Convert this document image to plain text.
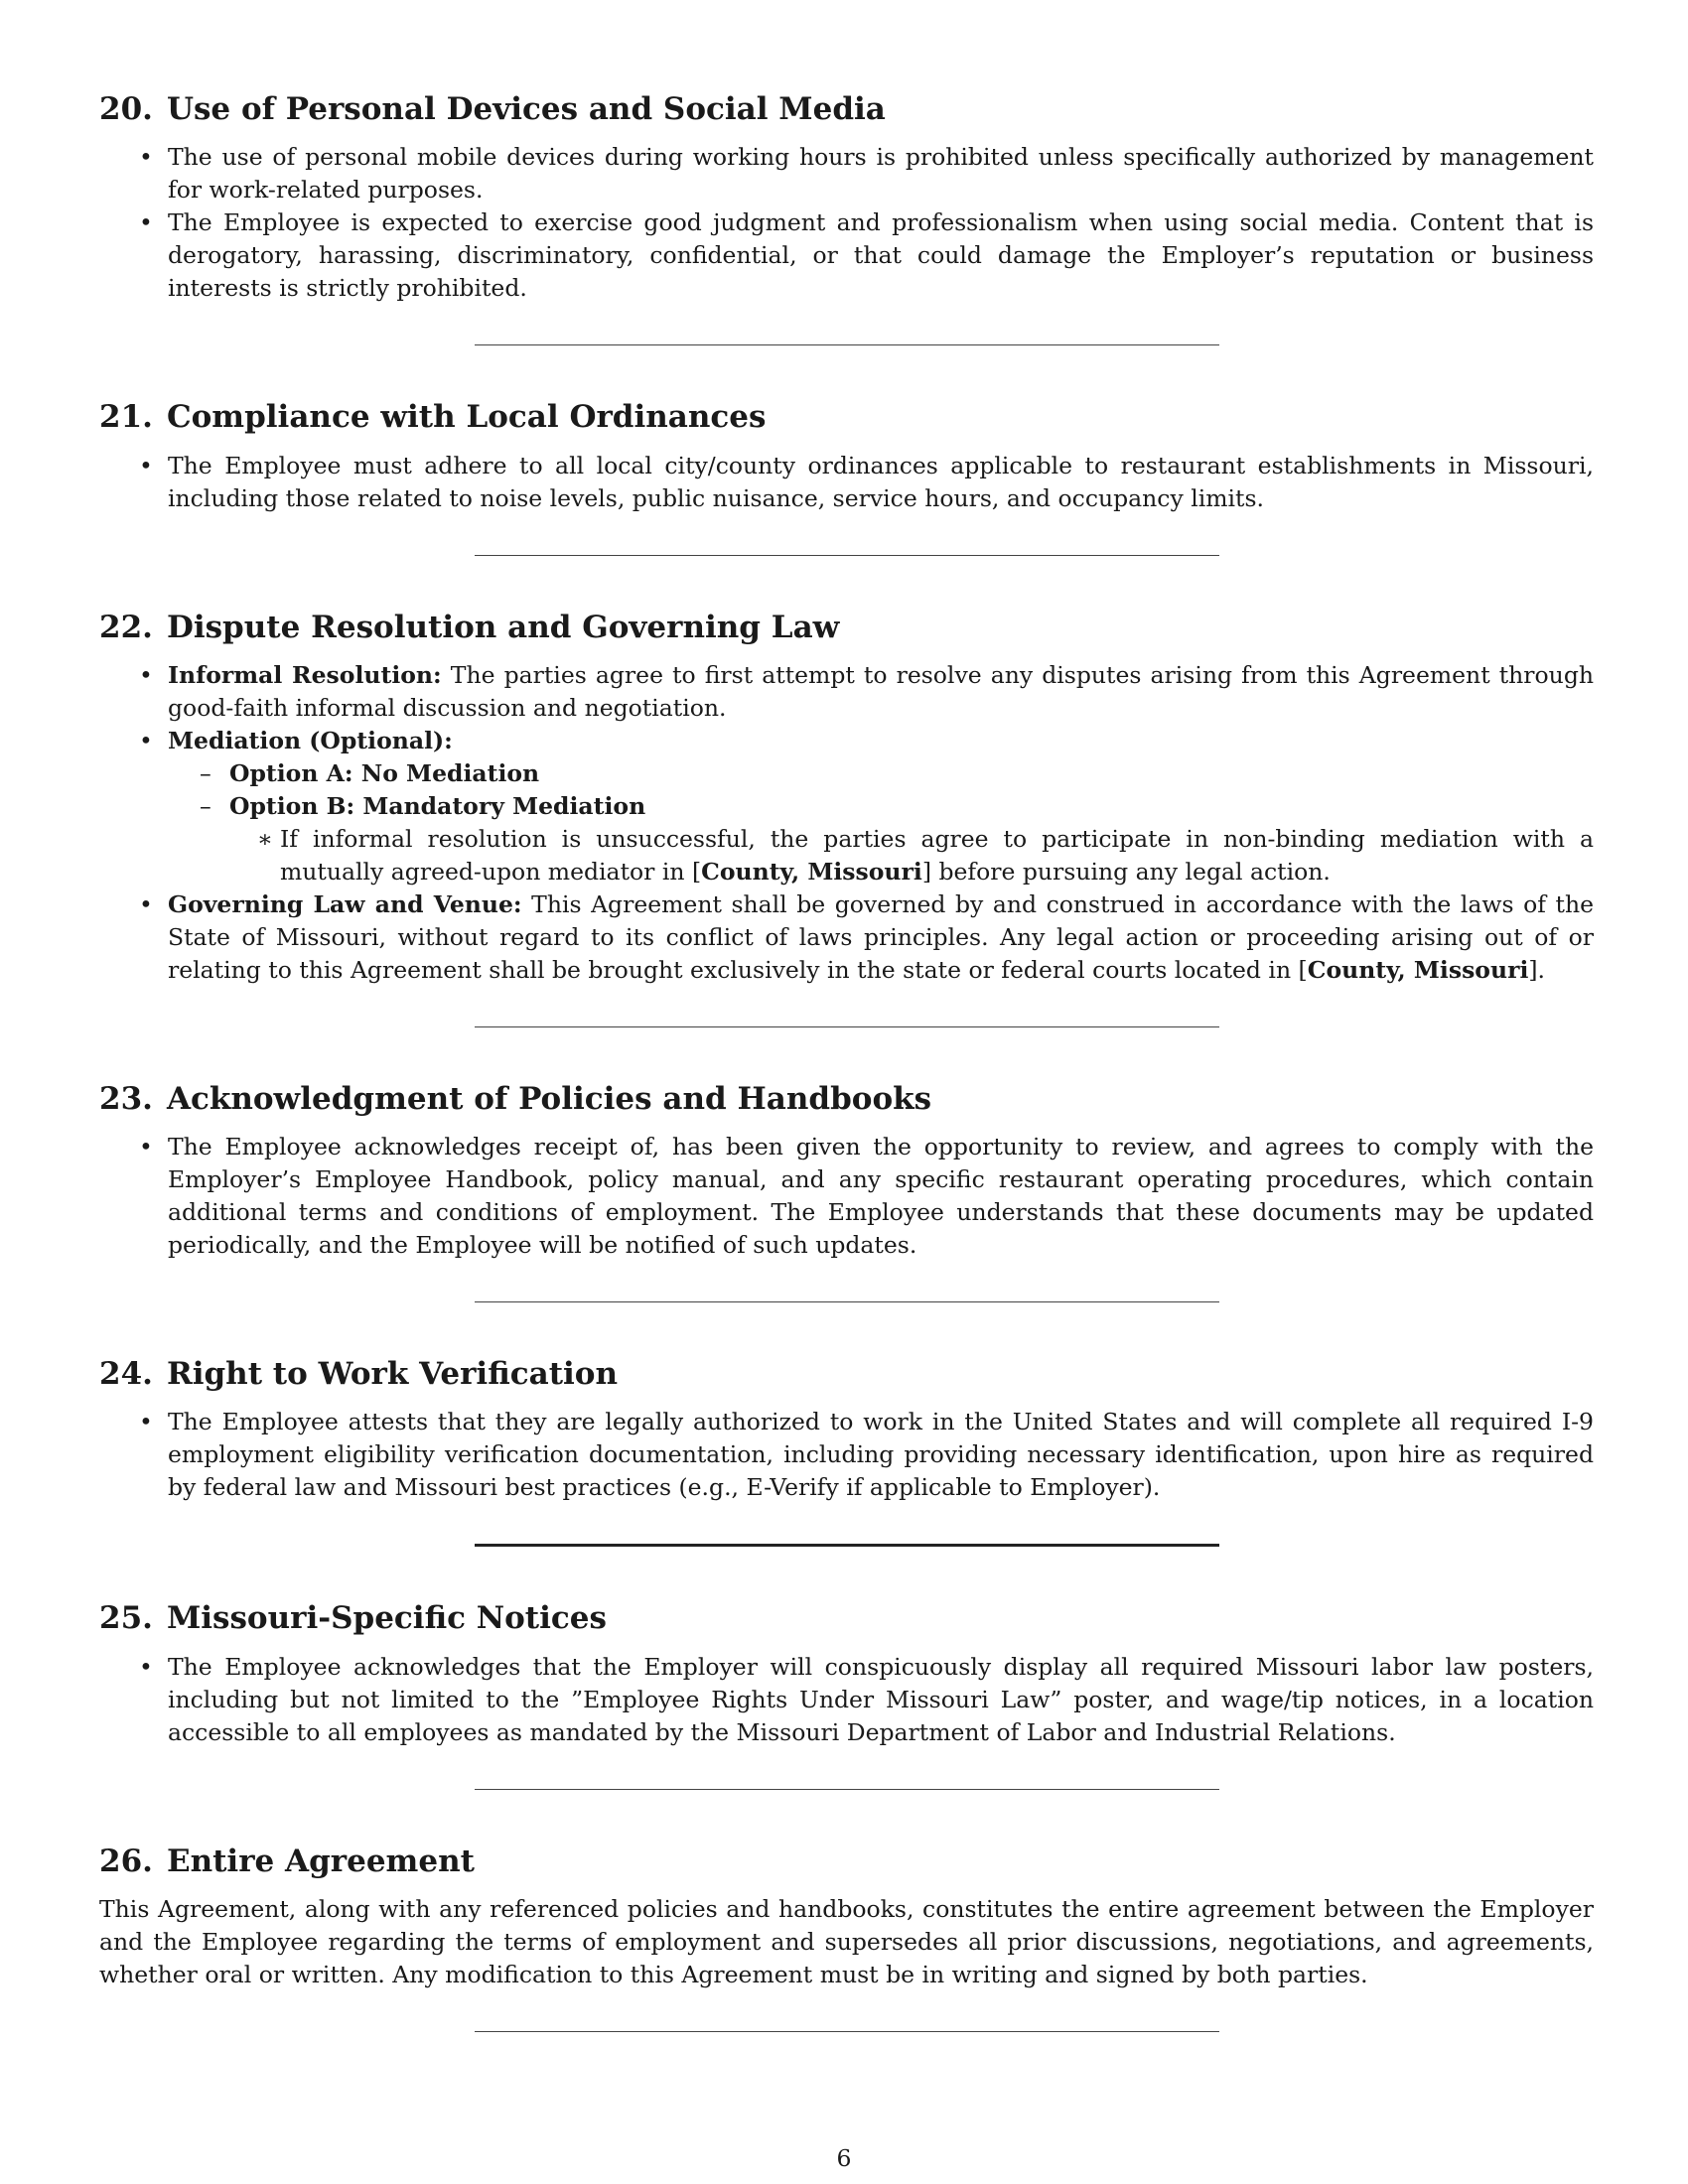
20. Use of Personal Devices and Social Media
• The use of personal mobile devices during working hours is prohibited unless specifically authorized by management for work-related purposes.
• The Employee is expected to exercise good judgment and professionalism when using social media. Content that is derogatory, harassing, discriminatory, confidential, or that could damage the Employer’s reputation or business interests is strictly prohibited.
21. Compliance with Local Ordinances
• The Employee must adhere to all local city/county ordinances applicable to restaurant establishments in Missouri, including those related to noise levels, public nuisance, service hours, and occupancy limits.
22. Dispute Resolution and Governing Law
• Informal Resolution: The parties agree to first attempt to resolve any disputes arising from this Agreement through good-faith informal discussion and negotiation.
• Mediation (Optional):
– Option A: No Mediation
– Option B: Mandatory Mediation
∗ If informal resolution is unsuccessful, the parties agree to participate in non-binding mediation with a mutually agreed-upon mediator in [County, Missouri] before pursuing any legal action.
• Governing Law and Venue: This Agreement shall be governed by and construed in accordance with the laws of the State of Missouri, without regard to its conflict of laws principles. Any legal action or proceeding arising out of or relating to this Agreement shall be brought exclusively in the state or federal courts located in [County, Missouri].
23. Acknowledgment of Policies and Handbooks
• The Employee acknowledges receipt of, has been given the opportunity to review, and agrees to comply with the Employer’s Employee Handbook, policy manual, and any specific restaurant operating procedures, which contain additional terms and conditions of employment. The Employee understands that these documents may be updated periodically, and the Employee will be notified of such updates.
24. Right to Work Verification
• The Employee attests that they are legally authorized to work in the United States and will complete all required I-9 employment eligibility verification documentation, including providing necessary identification, upon hire as required by federal law and Missouri best practices (e.g., E-Verify if applicable to Employer).
25. Missouri-Specific Notices
• The Employee acknowledges that the Employer will conspicuously display all required Missouri labor law posters, including but not limited to the ”Employee Rights Under Missouri Law” poster, and wage/tip notices, in a location accessible to all employees as mandated by the Missouri Department of Labor and Industrial Relations.
26. Entire Agreement

This Agreement, along with any referenced policies and handbooks, constitutes the entire agreement between the Employer and the Employee regarding the terms of employment and supersedes all prior discussions, negotiations, and agreements, whether oral or written. Any modification to this Agreement must be in writing and signed by both parties.

6
